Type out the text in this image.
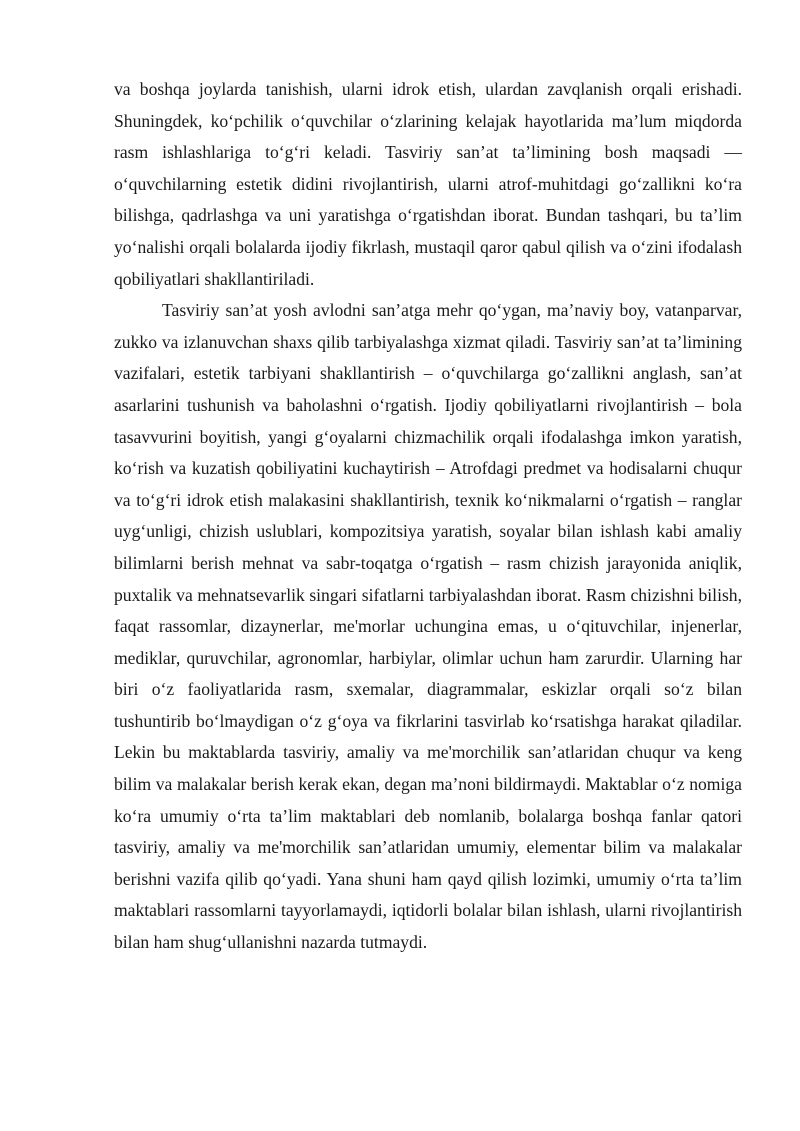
va boshqa joylarda tanishish, ularni idrok etish, ulardan zavqlanish orqali erishadi. Shuningdek, ko‘pchilik o‘quvchilar o‘zlarining kelajak hayotlarida ma’lum miqdorda rasm ishlashlariga to‘g‘ri keladi. Tasviriy san’at ta’limining bosh maqsadi — o‘quvchilarning estetik didini rivojlantirish, ularni atrof-muhitdagi go‘zallikni ko‘ra bilishga, qadrlashga va uni yaratishga o‘rgatishdan iborat. Bundan tashqari, bu ta’lim yo‘nalishi orqali bolalarda ijodiy fikrlash, mustaqil qaror qabul qilish va o‘zini ifodalash qobiliyatlari shakllantiriladi.

Tasviriy san’at yosh avlodni san’atga mehr qo‘ygan, ma’naviy boy, vatanparvar, zukko va izlanuvchan shaxs qilib tarbiyalashga xizmat qiladi. Tasviriy san’at ta’limining vazifalari, estetik tarbiyani shakllantirish – o‘quvchilarga go‘zallikni anglash, san’at asarlarini tushunish va baholashni o‘rgatish. Ijodiy qobiliyatlarni rivojlantirish – bola tasavvurini boyitish, yangi g‘oyalarni chizmachilik orqali ifodalashga imkon yaratish, ko‘rish va kuzatish qobiliyatini kuchaytirish – Atrofdagi predmet va hodisalarni chuqur va to‘g‘ri idrok etish malakasini shakllantirish, texnik ko‘nikmalarni o‘rgatish – ranglar uyg‘unligi, chizish uslublari, kompozitsiya yaratish, soyalar bilan ishlash kabi amaliy bilimlarni berish mehnat va sabr-toqatga o‘rgatish – rasm chizish jarayonida aniqlik, puxtalik va mehnatsevarlik singari sifatlarni tarbiyalashdan iborat. Rasm chizishni bilish, faqat rassomlar, dizaynerlar, me'morlar uchungina emas, u o‘qituvchilar, injenerlar, mediklar, quruvchilar, agronomlar, harbiylar, olimlar uchun ham zarurdir. Ularning har biri o‘z faoliyatlarida rasm, sxemalar, diagrammalar, eskizlar orqali so‘z bilan tushuntirib bo‘lmaydigan o‘z g‘oya va fikrlarini tasvirlab ko‘rsatishga harakat qiladilar. Lekin bu maktablarda tasviriy, amaliy va me'morchilik san’atlaridan chuqur va keng bilim va malakalar berish kerak ekan, degan ma’noni bildirmaydi. Maktablar o‘z nomiga ko‘ra umumiy o‘rta ta’lim maktablari deb nomlanib, bolalarga boshqa fanlar qatori tasviriy, amaliy va me'morchilik san’atlaridan umumiy, elementar bilim va malakalar berishni vazifa qilib qo‘yadi. Yana shuni ham qayd qilish lozimki, umumiy o‘rta ta’lim maktablari rassomlarni tayyorlamaydi, iqtidorli bolalar bilan ishlash, ularni rivojlantirish bilan ham shug‘ullanishni nazarda tutmaydi.
